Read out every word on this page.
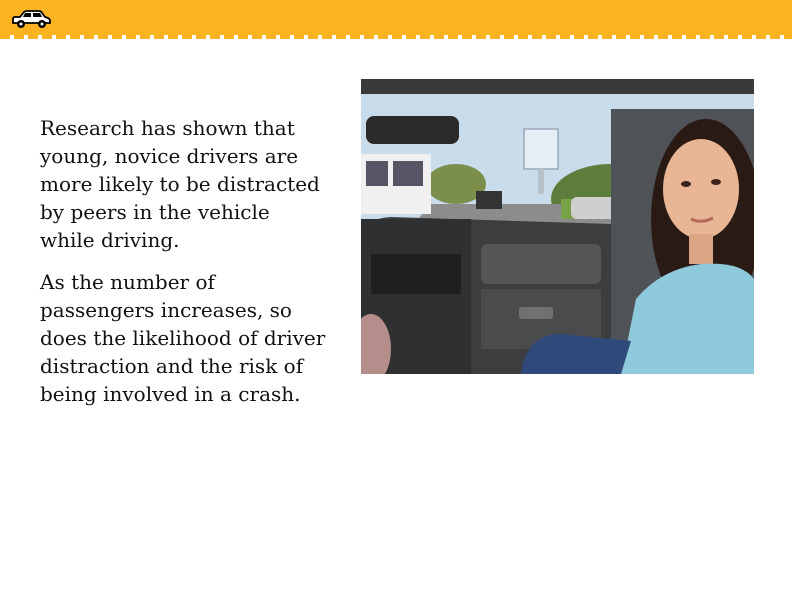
Research has shown that young, novice drivers are more likely to be distracted by peers in the vehicle while driving.

As the number of passengers increases, so does the likelihood of driver distraction and the risk of being involved in a crash.
